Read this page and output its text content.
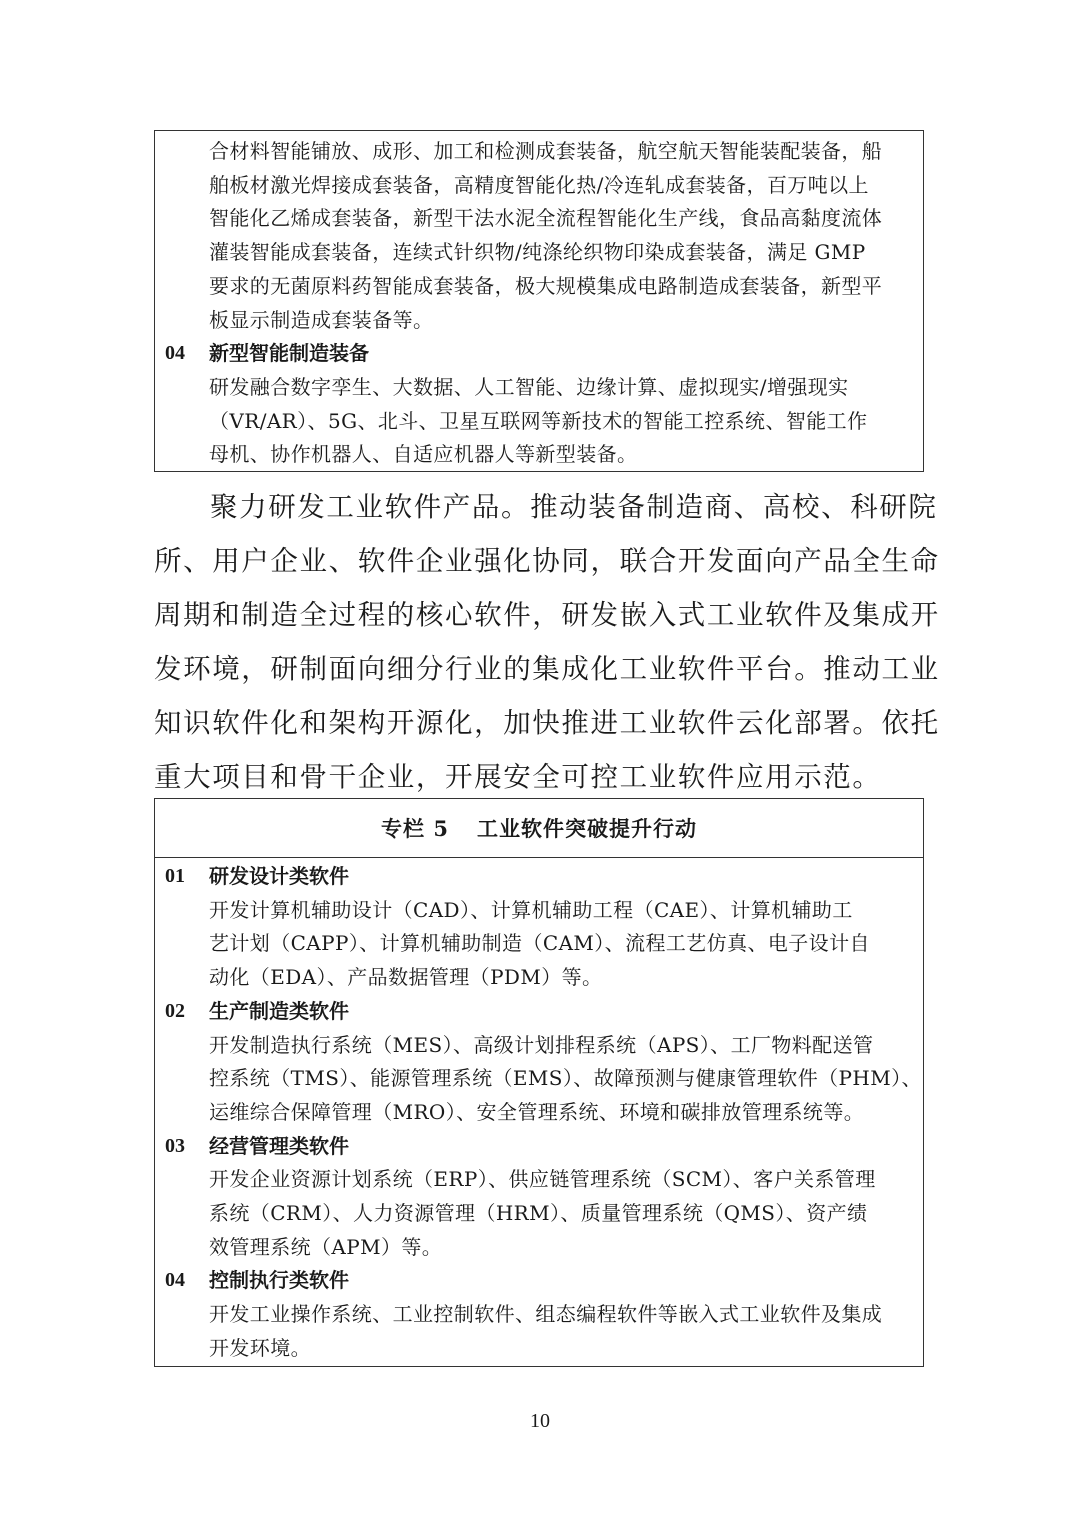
合材料智能铺放、成形、加工和检测成套装备，航空航天智能装配装备，船
舶板材激光焊接成套装备，高精度智能化热/冷连轧成套装备，百万吨以上
智能化乙烯成套装备，新型干法水泥全流程智能化生产线，食品高黏度流体
灌装智能成套装备，连续式针织物/纯涤纶织物印染成套装备，满足 GMP
要求的无菌原料药智能成套装备，极大规模集成电路制造成套装备，新型平
板显示制造成套装备等。
04	新型智能制造装备
研发融合数字孪生、大数据、人工智能、边缘计算、虚拟现实/增强现实
（VR/AR）、5G、北斗、卫星互联网等新技术的智能工控系统、智能工作
母机、协作机器人、自适应机器人等新型装备。
聚力研发工业软件产品。推动装备制造商、高校、科研院
所、用户企业、软件企业强化协同，联合开发面向产品全生命
周期和制造全过程的核心软件，研发嵌入式工业软件及集成开
发环境，研制面向细分行业的集成化工业软件平台。推动工业
知识软件化和架构开源化，加快推进工业软件云化部署。依托
重大项目和骨干企业，开展安全可控工业软件应用示范。
专栏 5 工业软件突破提升行动
01	研发设计类软件
开发计算机辅助设计（CAD）、计算机辅助工程（CAE）、计算机辅助工
艺计划（CAPP）、计算机辅助制造（CAM）、流程工艺仿真、电子设计自
动化（EDA）、产品数据管理（PDM）等。
02	生产制造类软件
开发制造执行系统（MES）、高级计划排程系统（APS）、工厂物料配送管
控系统（TMS）、能源管理系统（EMS）、故障预测与健康管理软件（PHM）、
运维综合保障管理（MRO）、安全管理系统、环境和碳排放管理系统等。
03	经营管理类软件
开发企业资源计划系统（ERP）、供应链管理系统（SCM）、客户关系管理
系统（CRM）、人力资源管理（HRM）、质量管理系统（QMS）、资产绩
效管理系统（APM）等。
04	控制执行类软件
开发工业操作系统、工业控制软件、组态编程软件等嵌入式工业软件及集成
开发环境。
10
